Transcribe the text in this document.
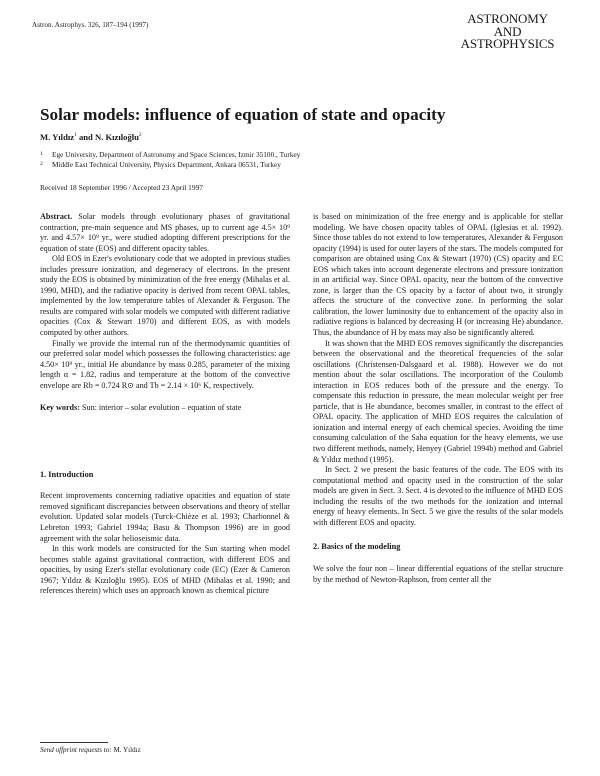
Astron. Astrophys. 326, 187–194 (1997)	ASTRONOMY
AND
ASTROPHYSICS
Solar models: influence of equation of state and opacity
M. Yıldız$^1$ and N. Kızıloğlu$^2$
1 Ege University, Department of Astronomy and Space Sciences, Izmir 35100., Turkey
2 Middle East Technical University, Physics Department, Ankara 06531, Turkey
Received 18 September 1996 / Accepted 23 April 1997

Abstract. Solar models through evolutionary phases of gravitational contraction, pre-main sequence and MS phases, up to current age 4.5× 10⁹ yr. and 4.57× 10⁹ yr., were studied adopting different prescriptions for the equation of state (EOS) and different opacity tables.

Old EOS in Ezer's evolutionary code that we adopted in previous studies includes pressure ionization, and degeneracy of electrons. In the present study the EOS is obtained by minimization of the free energy (Mihalas et al. 1990, MHD), and the radiative opacity is derived from recent OPAL tables, implemented by the low temperature tables of Alexander & Ferguson. The results are compared with solar models we computed with different radiative opacities (Cox & Stewart 1970) and different EOS, as with models computed by other authors.

Finally we provide the internal run of the thermodynamic quantities of our preferred solar model which possesses the following characteristics: age 4.50× 10⁹ yr., initial He abundance by mass 0.285, parameter of the mixing length α = 1.82, radius and temperature at the bottom of the convective envelope are Rb = 0.724 R⊙ and Tb = 2.14 × 10⁶ K, respectively.

Key words: Sun: interior – solar evolution – equation of state

1. Introduction

Recent improvements concerning radiative opacities and equation of state removed significant discrepancies between observations and theory of stellar evolution. Updated solar models (Turck-Chièze et al. 1993; Charbonnel & Lebreton 1993; Gabriel 1994a; Basu & Thompson 1996) are in good agreement with the solar helioseismic data.

In this work models are constructed for the Sun starting when model becomes stable against gravitational contraction, with different EOS and opacities, by using Ezer's stellar evolutionary code (EC) (Ezer & Cameron 1967; Yıldız & Kızıloğlu 1995). EOS of MHD (Mihalas et al. 1990; and references therein) which uses an approach known as chemical picture

is based on minimization of the free energy and is applicable for stellar modeling. We have chosen opacity tables of OPAL (Iglesias et al. 1992). Since those tables do not extend to low temperatures, Alexander & Ferguson opacity (1994) is used for outer layers of the stars. The models computed for comparison are obtained using Cox & Stewart (1970) (CS) opacity and EC EOS which takes into account degenerate electrons and pressure ionization in an artificial way. Since OPAL opacity, near the bottom of the convective zone, is larger than the CS opacity by a factor of about two, it strongly affects the structure of the convective zone. In performing the solar calibration, the lower luminosity due to enhancement of the opacity also in radiative regions is balanced by decreasing H (or increasing He) abundance. Thus, the abundance of H by mass may also be significantly altered.

It was shown that the MHD EOS removes significantly the discrepancies between the observational and the theoretical frequencies of the solar oscillations (Christensen-Dalsgaard et al. 1988). However we do not mention about the solar oscillations. The incorporation of the Coulomb interaction in EOS reduces both of the pressure and the energy. To compensate this reduction in pressure, the mean molecular weight per free particle, that is He abundance, becomes smaller, in contrast to the effect of OPAL opacity. The application of MHD EOS requires the calculation of ionization and internal energy of each chemical species. Avoiding the time consuming calculation of the Saha equation for the heavy elements, we use two different methods, namely, Henyey (Gabriel 1994b) method and Gabriel & Yıldız method (1995).

In Sect. 2 we present the basic features of the code. The EOS with its computational method and opacity used in the construction of the solar models are given in Sect. 3. Sect. 4 is devoted to the influence of MHD EOS including the results of the two methods for the ionization and internal energy of heavy elements. In Sect. 5 we give the results of the solar models with different EOS and opacity.

2. Basics of the modeling

We solve the four non – linear differential equations of the stellar structure by the method of Newton-Raphson, from center all the

Send offprint requests to: M. Yıldız
